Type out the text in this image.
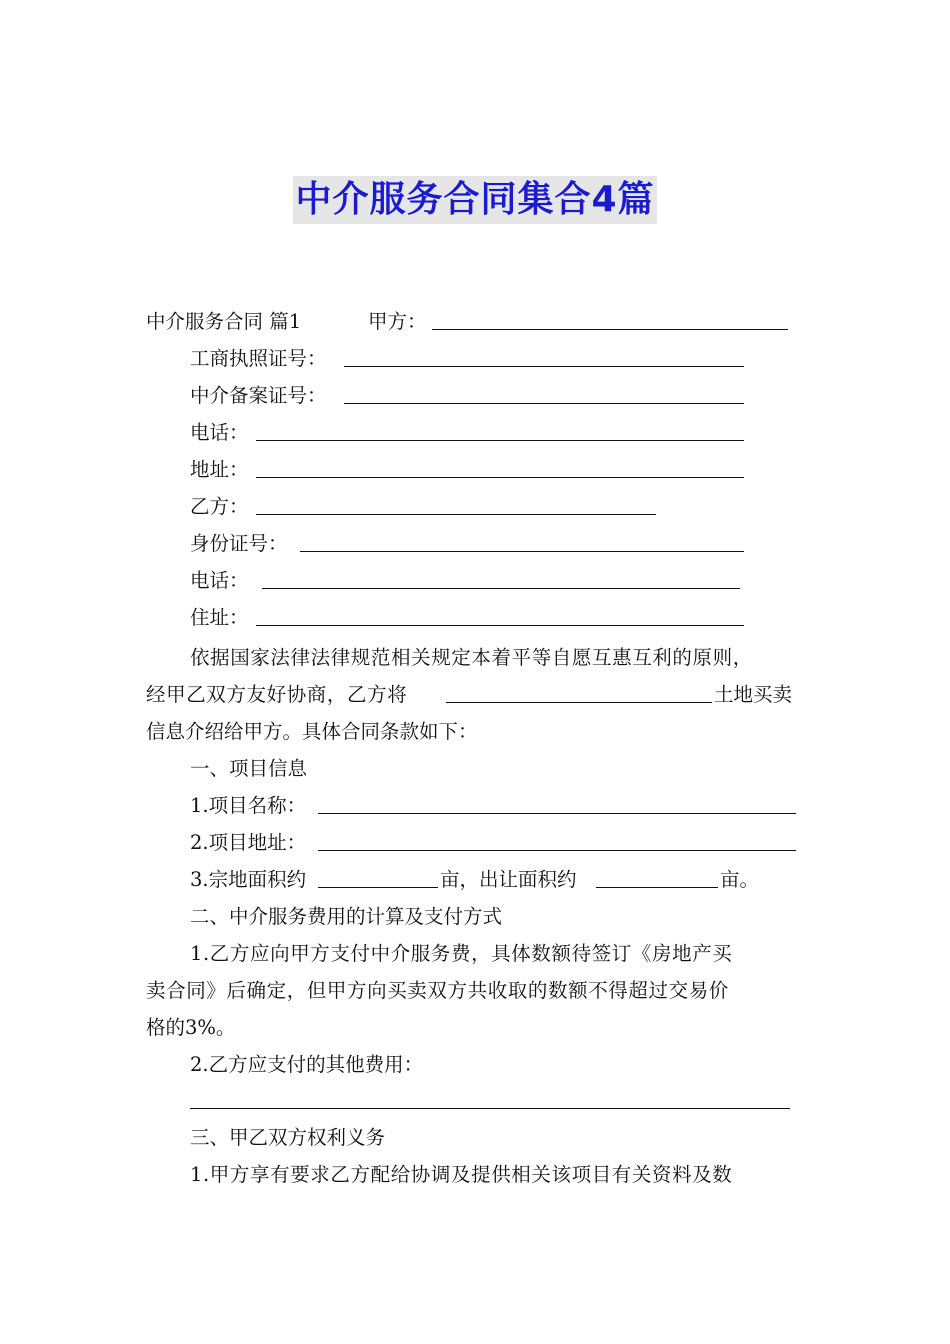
中介服务合同集合4篇
中介服务合同 篇1	甲方：
工商执照证号：
中介备案证号：
电话：
地址：
乙方：
身份证号：
电话：
住址：
依据国家法律法律规范相关规定本着平等自愿互惠互利的原则，
经甲乙双方友好协商，乙方将	土地买卖
信息介绍给甲方。具体合同条款如下：
一、项目信息
1.项目名称：
2.项目地址：
3.宗地面积约	亩，出让面积约	亩。
二、中介服务费用的计算及支付方式
1.乙方应向甲方支付中介服务费，具体数额待签订《房地产买
卖合同》后确定，但甲方向买卖双方共收取的数额不得超过交易价
格的3%。
2.乙方应支付的其他费用：
三、甲乙双方权利义务
1.甲方享有要求乙方配给协调及提供相关该项目有关资料及数
